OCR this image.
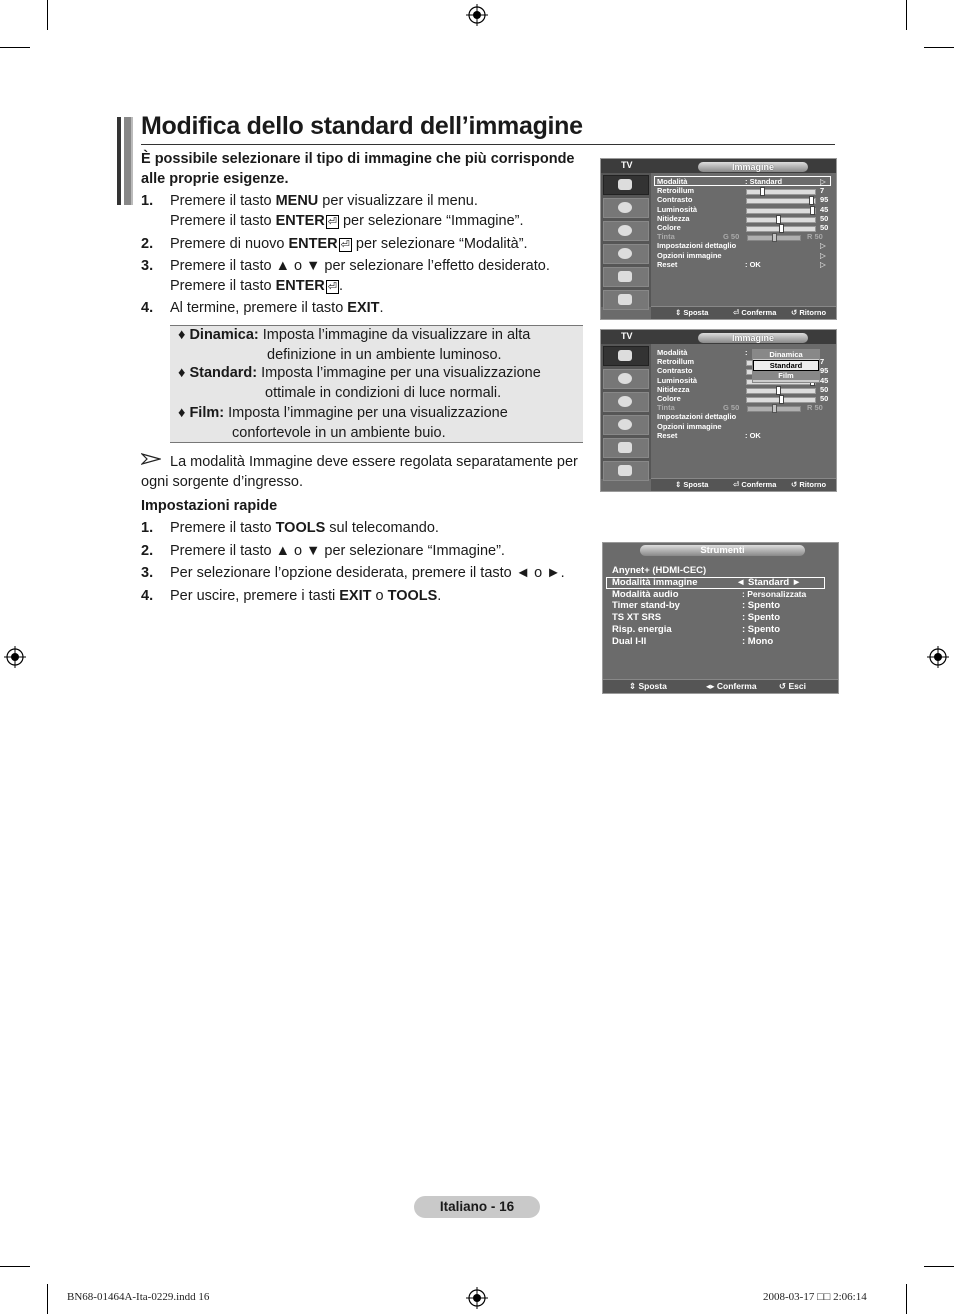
Modifica dello standard dell’immagine
È possibile selezionare il tipo di immagine che più corrisponde alle proprie esigenze.
1. Premere il tasto MENU per visualizzare il menu.
Premere il tasto ENTER ⏎ per selezionare “Immagine”.
2. Premere di nuovo ENTER ⏎ per selezionare “Modalità”.
3. Premere il tasto ▲ o ▼ per selezionare l’effetto desiderato.
Premere il tasto ENTER ⏎ .
4. Al termine, premere il tasto EXIT.
♦ Dinamica: Imposta l’immagine da visualizzare in alta
definizione in un ambiente luminoso.
♦ Standard: Imposta l’immagine per una visualizzazione
ottimale in condizioni di luce normali.
♦ Film: Imposta l’immagine per una visualizzazione
confortevole in un ambiente buio.
La modalità Immagine deve essere regolata separatamente per
ogni sorgente d’ingresso.
Impostazioni rapide
1. Premere il tasto TOOLS sul telecomando.
2. Premere il tasto ▲ o ▼ per selezionare “Immagine”.
3. Per selezionare l’opzione desiderata, premere il tasto ◄ o ►.
4. Per uscire, premere i tasti EXIT o TOOLS.
TV	Immagine
Modalità	: Standard	▷
Retroillum	7
Contrasto	95
Luminosità	45
Nitidezza	50
Colore	50
Tinta	G 50	R 50
Impostazioni dettaglio	▷
Opzioni immagine	▷
Reset	: OK	▷
⇕ Sposta	⏎ Conferma ↺ Ritorno
TV	Immagine
Modalità	:
Retroillum	7
Contrasto	95
Luminosità	45
Nitidezza	50
Colore	50
Tinta	G 50	R 50
Impostazioni dettaglio
Opzioni immagine
Reset	: OK
Dinamica
Standard
Film
⇕ Sposta	⏎ Conferma ↺ Ritorno
Strumenti
Anynet+ (HDMI-CEC)
Modalità immagine	◄ Standard ►
Modalità audio	: Personalizzata
Timer stand-by	: Spento
TS XT SRS	: Spento
Risp. energia	: Spento
Dual I-II	: Mono
⇕ Sposta	◂▸ Conferma	↺ Esci
Italiano - 16
BN68-01464A-Ita-0229.indd 16	2008-03-17 □□ 2:06:14
